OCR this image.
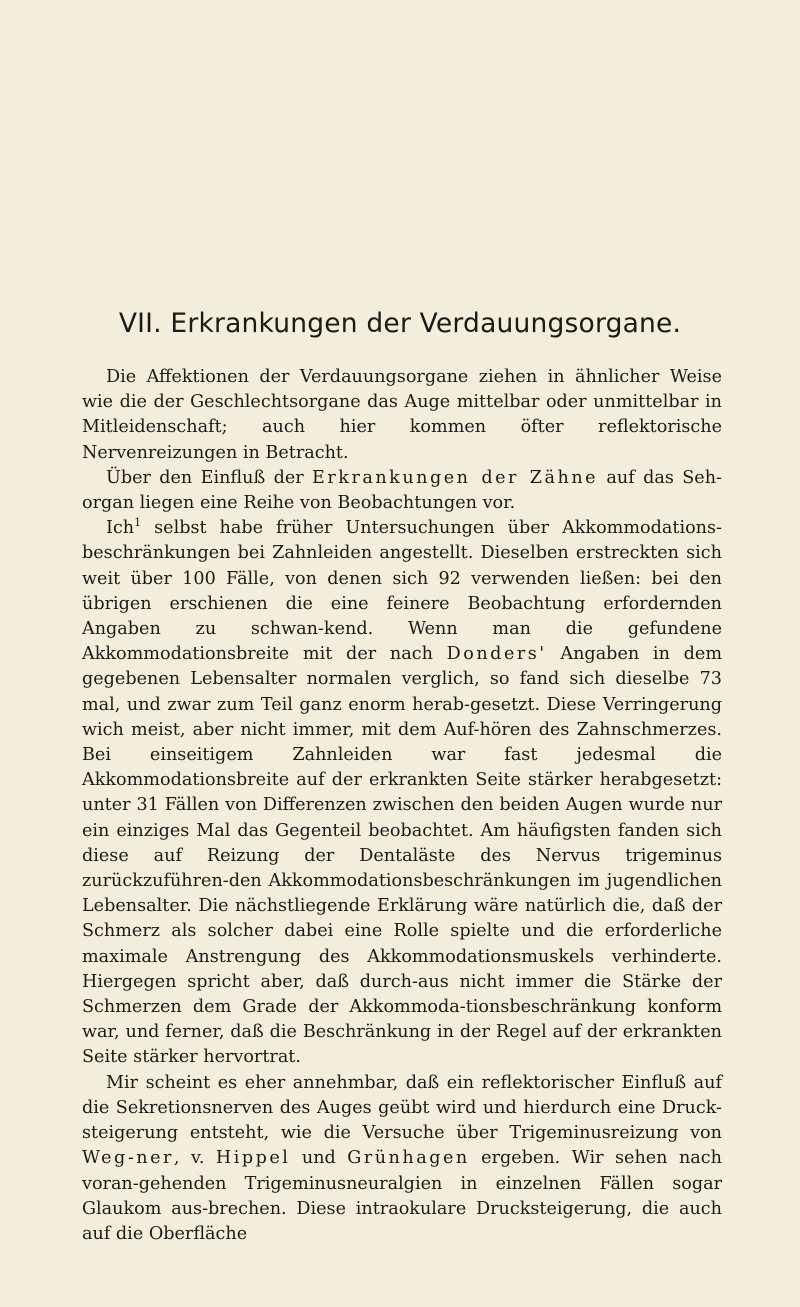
VII. Erkrankungen der Verdauungsorgane.

Die Affektionen der Verdauungsorgane ziehen in ähnlicher Weise wie die der Geschlechtsorgane das Auge mittelbar oder unmittelbar in Mitleidenschaft; auch hier kommen öfter reflektorische Nervenreizungen in Betracht.

Über den Einfluß der Erkrankungen der Zähne auf das Seh-organ liegen eine Reihe von Beobachtungen vor.

Ich$^1$ selbst habe früher Untersuchungen über Akkommodations-beschränkungen bei Zahnleiden angestellt. Dieselben erstreckten sich weit über 100 Fälle, von denen sich 92 verwenden ließen: bei den übrigen erschienen die eine feinere Beobachtung erfordernden Angaben zu schwan-kend. Wenn man die gefundene Akkommodationsbreite mit der nach Donders' Angaben in dem gegebenen Lebensalter normalen verglich, so fand sich dieselbe 73 mal, und zwar zum Teil ganz enorm herab-gesetzt. Diese Verringerung wich meist, aber nicht immer, mit dem Auf-hören des Zahnschmerzes. Bei einseitigem Zahnleiden war fast jedesmal die Akkommodationsbreite auf der erkrankten Seite stärker herabgesetzt: unter 31 Fällen von Differenzen zwischen den beiden Augen wurde nur ein einziges Mal das Gegenteil beobachtet. Am häufigsten fanden sich diese auf Reizung der Dentaläste des Nervus trigeminus zurückzuführen-den Akkommodationsbeschränkungen im jugendlichen Lebensalter. Die nächstliegende Erklärung wäre natürlich die, daß der Schmerz als solcher dabei eine Rolle spielte und die erforderliche maximale Anstrengung des Akkommodationsmuskels verhinderte. Hiergegen spricht aber, daß durch-aus nicht immer die Stärke der Schmerzen dem Grade der Akkommoda-tionsbeschränkung konform war, und ferner, daß die Beschränkung in der Regel auf der erkrankten Seite stärker hervortrat.

Mir scheint es eher annehmbar, daß ein reflektorischer Einfluß auf die Sekretionsnerven des Auges geübt wird und hierdurch eine Druck-steigerung entsteht, wie die Versuche über Trigeminusreizung von Weg-ner, v. Hippel und Grünhagen ergeben. Wir sehen nach voran-gehenden Trigeminusneuralgien in einzelnen Fällen sogar Glaukom aus-brechen. Diese intraokulare Drucksteigerung, die auch auf die Oberfläche
